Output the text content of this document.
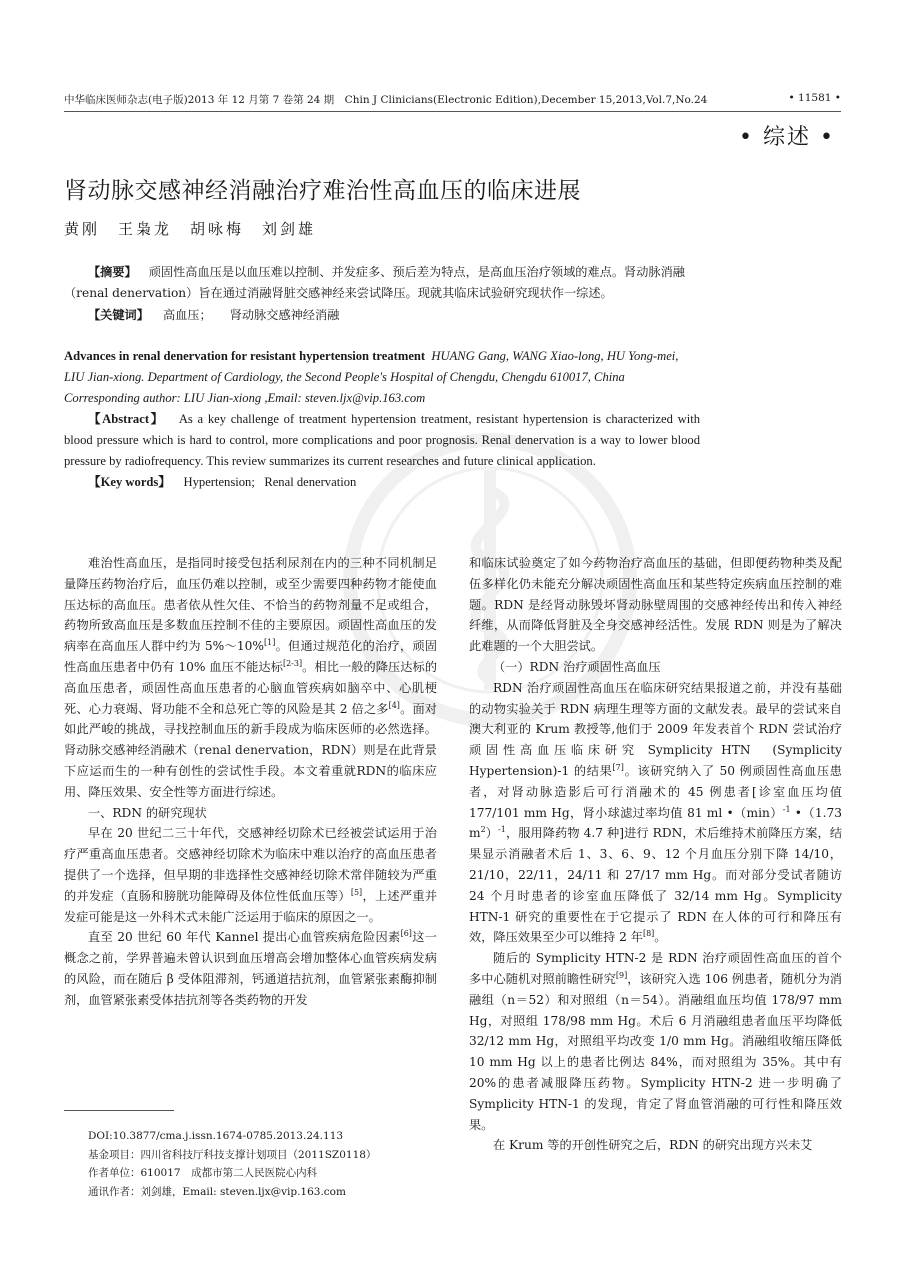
中华临床医师杂志(电子版)2013 年 12 月第 7 卷第 24 期　Chin J Clinicians(Electronic Edition),December 15,2013,Vol.7,No.24	• 11581 •
• 综述 •
肾动脉交感神经消融治疗难治性高血压的临床进展
黄刚　王枭龙　胡咏梅　刘剑雄

【摘要】 顽固性高血压是以血压难以控制、并发症多、预后差为特点，是高血压治疗领域的难点。肾动脉消融（renal denervation）旨在通过消融肾脏交感神经来尝试降压。现就其临床试验研究现状作一综述。

【关键词】 高血压； 肾动脉交感神经消融

Advances in renal denervation for resistant hypertension treatment HUANG Gang, WANG Xiao-long, HU Yong-mei, LIU Jian-xiong. Department of Cardiology, the Second People's Hospital of Chengdu, Chengdu 610017, China

Corresponding author: LIU Jian-xiong ,Email: steven.ljx@vip.163.com

【Abstract】 As a key challenge of treatment hypertension treatment, resistant hypertension is characterized with blood pressure which is hard to control, more complications and poor prognosis. Renal denervation is a way to lower blood pressure by radiofrequency. This review summarizes its current researches and future clinical application.

【Key words】 Hypertension; Renal denervation

难治性高血压，是指同时接受包括利尿剂在内的三种不同机制足量降压药物治疗后，血压仍难以控制，或至少需要四种药物才能使血压达标的高血压。患者依从性欠佳、不恰当的药物剂量不足或组合，药物所致高血压是多数血压控制不佳的主要原因。顽固性高血压的发病率在高血压人群中约为 5%～10%[1]。但通过规范化的治疗，顽固性高血压患者中仍有 10% 血压不能达标[2-3]。相比一般的降压达标的高血压患者，顽固性高血压患者的心脑血管疾病如脑卒中、心肌梗死、心力衰竭、肾功能不全和总死亡等的风险是其 2 倍之多[4]。面对如此严峻的挑战，寻找控制血压的新手段成为临床医师的必然选择。肾动脉交感神经消融术（renal denervation，RDN）则是在此背景下应运而生的一种有创性的尝试性手段。本文着重就RDN的临床应用、降压效果、安全性等方面进行综述。

一、RDN 的研究现状

早在 20 世纪二三十年代，交感神经切除术已经被尝试运用于治疗严重高血压患者。交感神经切除术为临床中难以治疗的高血压患者提供了一个选择，但早期的非选择性交感神经切除术常伴随较为严重的并发症（直肠和膀胱功能障碍及体位性低血压等）[5]，上述严重并发症可能是这一外科术式未能广泛运用于临床的原因之一。

直至 20 世纪 60 年代 Kannel 提出心血管疾病危险因素[6]这一概念之前，学界普遍未曾认识到血压增高会增加整体心血管疾病发病的风险，而在随后 β 受体阻滞剂，钙通道拮抗剂，血管紧张素酶抑制剂，血管紧张素受体拮抗剂等各类药物的开发

和临床试验奠定了如今药物治疗高血压的基础，但即便药物种类及配伍多样化仍未能充分解决顽固性高血压和某些特定疾病血压控制的难题。RDN 是经肾动脉毁坏肾动脉壁周围的交感神经传出和传入神经纤维，从而降低肾脏及全身交感神经活性。发展 RDN 则是为了解决此难题的一个大胆尝试。

（一）RDN 治疗顽固性高血压

RDN 治疗顽固性高血压在临床研究结果报道之前，并没有基础的动物实验关于 RDN 病理生理等方面的文献发表。最早的尝试来自澳大利亚的 Krum 教授等,他们于 2009 年发表首个 RDN 尝试治疗顽固性高血压临床研究 Symplicity HTN　(Symplicity Hypertension)-1 的结果[7]。该研究纳入了 50 例顽固性高血压患者，对肾动脉造影后可行消融术的 45 例患者[诊室血压均值 177/101 mm Hg，肾小球滤过率均值 81 ml $•(\min)^{-1}$ •（1.73 $m^2)^{-1}$，服用降药物 4.7 种]进行 RDN，术后维持术前降压方案，结果显示消融者术后 1、3、6、9、12 个月血压分别下降 14/10，21/10，22/11，24/11 和 27/17 mm Hg。而对部分受试者随访 24 个月时患者的诊室血压降低了 32/14 mm Hg。Symplicity HTN-1 研究的重要性在于它提示了 RDN 在人体的可行和降压有效，降压效果至少可以维持 2 年[8]。

随后的 Symplicity HTN-2 是 RDN 治疗顽固性高血压的首个多中心随机对照前瞻性研究[9]，该研究入选 106 例患者，随机分为消融组（n＝52）和对照组（n＝54）。消融组血压均值 178/97 mm Hg，对照组 178/98 mm Hg。术后 6 月消融组患者血压平均降低 32/12 mm Hg，对照组平均改变 1/0 mm Hg。消融组收缩压降低 10 mm Hg 以上的患者比例达 84%，而对照组为 35%。其中有 20%的患者减服降压药物。Symplicity HTN-2 进一步明确了 Symplicity HTN-1 的发现，肯定了肾血管消融的可行性和降压效果。

在 Krum 等的开创性研究之后，RDN 的研究出现方兴未艾

DOI:10.3877/cma.j.issn.1674-0785.2013.24.113
基金项目：四川省科技厅科技支撑计划项目（2011SZ0118）
作者单位：610017　成都市第二人民医院心内科
通讯作者：刘剑雄，Email: steven.ljx@vip.163.com
